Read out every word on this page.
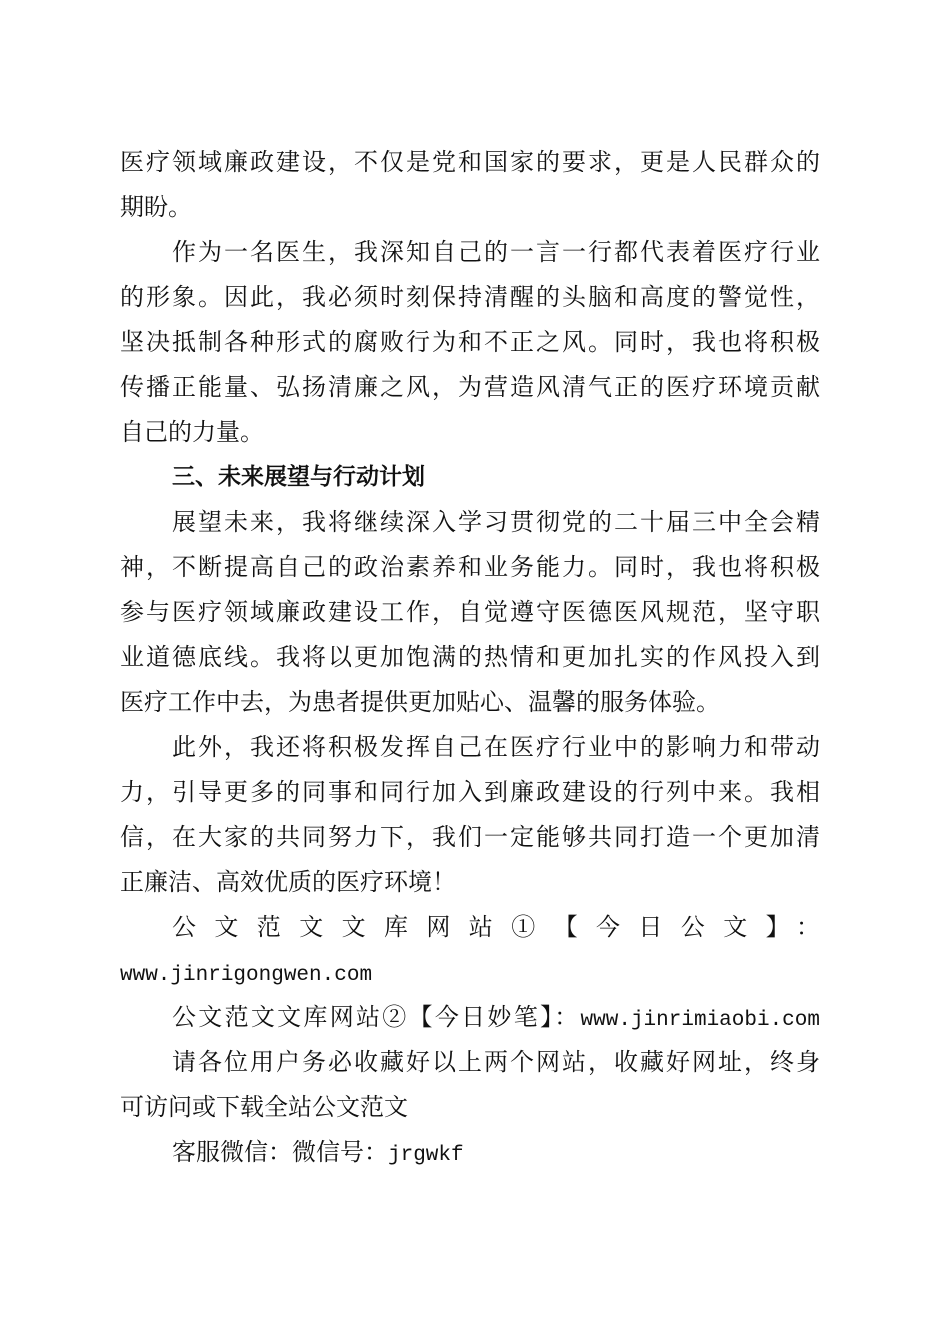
医疗领域廉政建设，不仅是党和国家的要求，更是人民群众的
期盼。
作为一名医生，我深知自己的一言一行都代表着医疗行业
的形象。因此，我必须时刻保持清醒的头脑和高度的警觉性，
坚决抵制各种形式的腐败行为和不正之风。同时，我也将积极
传播正能量、弘扬清廉之风，为营造风清气正的医疗环境贡献
自己的力量。
三、未来展望与行动计划
展望未来，我将继续深入学习贯彻党的二十届三中全会精
神，不断提高自己的政治素养和业务能力。同时，我也将积极
参与医疗领域廉政建设工作，自觉遵守医德医风规范，坚守职
业道德底线。我将以更加饱满的热情和更加扎实的作风投入到
医疗工作中去，为患者提供更加贴心、温馨的服务体验。
此外，我还将积极发挥自己在医疗行业中的影响力和带动
力，引导更多的同事和同行加入到廉政建设的行列中来。我相
信，在大家的共同努力下，我们一定能够共同打造一个更加清
正廉洁、高效优质的医疗环境！
公文范文文库网站①【今日公文】：
www.jinrigongwen.com
公文范文文库网站②【今日妙笔】：www.jinrimiaobi.com
请各位用户务必收藏好以上两个网站，收藏好网址，终身
可访问或下载全站公文范文
客服微信：微信号：jrgwkf
